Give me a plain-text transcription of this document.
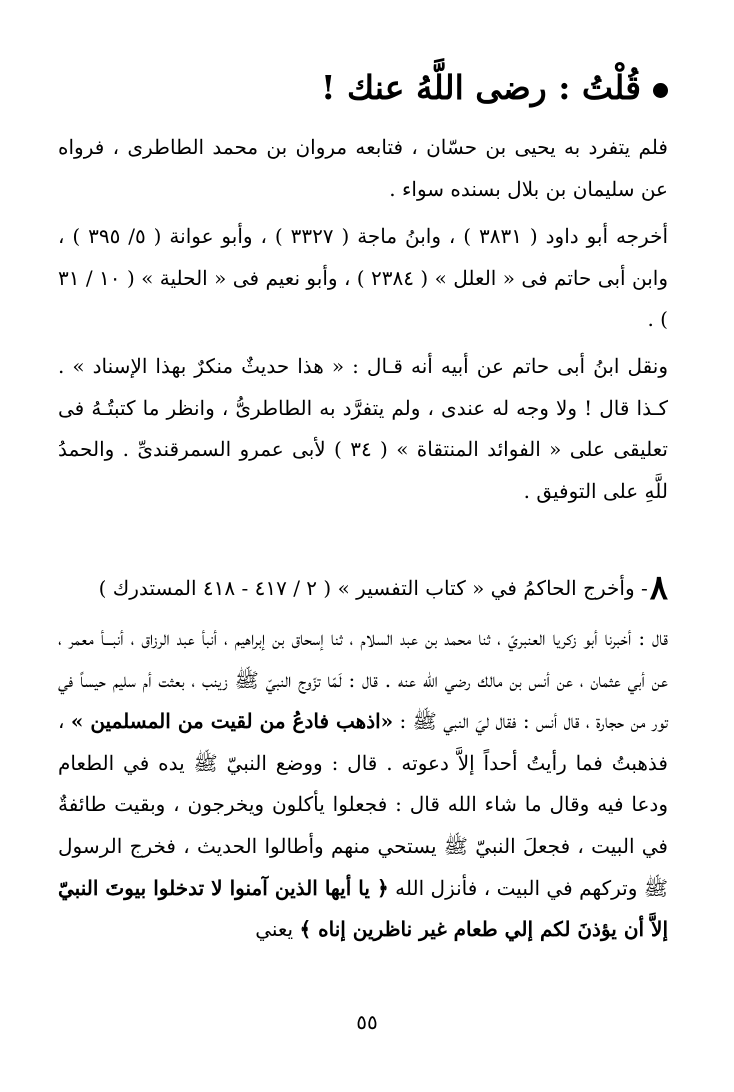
قُلْتُ : رضى اللَّهُ عنك !
فلم يتفرد به يحيى بن حسّان ، فتابعه مروان بن محمد الطاطرى ، فرواه عن سليمان بن بلال بسنده سواء .
أخرجه أبو داود ( ٣٨٣١ ) ، وابنُ ماجة ( ٣٣٢٧ ) ، وأبو عوانة ( ٥/ ٣٩٥ ) ، وابن أبى حاتم فى « العلل » ( ٢٣٨٤ ) ، وأبو نعيم فى « الحلية » ( ١٠ / ٣١ ) .
ونقل ابنُ أبى حاتم عن أبيه أنه قـال : « هذا حديثٌ منكرٌ بهذا الإسناد » . كـذا قال ! ولا وجه له عندى ، ولم يتفرَّد به الطاطرىُّ ، وانظر ما كتبتُـهُ فى تعليقى على « الفوائد المنتقاة » ( ٣٤ ) لأبى عمرو السمرقندىِّ . والحمدُ للَّهِ على التوفيق .
٨- وأخرج الحاكمُ في « كتاب التفسير » ( ٢ / ٤١٧ - ٤١٨ المستدرك )
قال : أخبرنا أبو زكريا العنبريّ ، ثنا محمد بن عبد السلام ، ثنا إسحاق بن إبراهيم ، أنبأ عبد الرزاق ، أنبـــأ معمر ، عن أبي عثمان ، عن أنس بن مالك رضي الله عنه . قال : لَمّا تزّوج النبيّ ﷺ زينب ، بعثت أم سليم حيساً في تور من حجارة ، قال أنس : فقال ليَ النبي ﷺ : «اذهب فادعُ من لقيت من المسلمين » ، فذهبتُ فما رأيتُ أحداً إلاَّ دعوته . قال : ووضع النبيّ ﷺ يده في الطعام ودعا فيه وقال ما شاء الله قال : فجعلوا يأكلون ويخرجون ، وبقيت طائفةٌ في البيت ، فجعلَ النبيّ ﷺ يستحي منهم وأطالوا الحديث ، فخرج الرسول ﷺ وتركهم في البيت ، فأنزل الله ﴿ يا أيها الذين آمنوا لا تدخلوا بيوتَ النبيّ إلاَّ أن يؤذنَ لكم إلي طعام غير ناظرين إناه ﴾ يعني
٥٥
